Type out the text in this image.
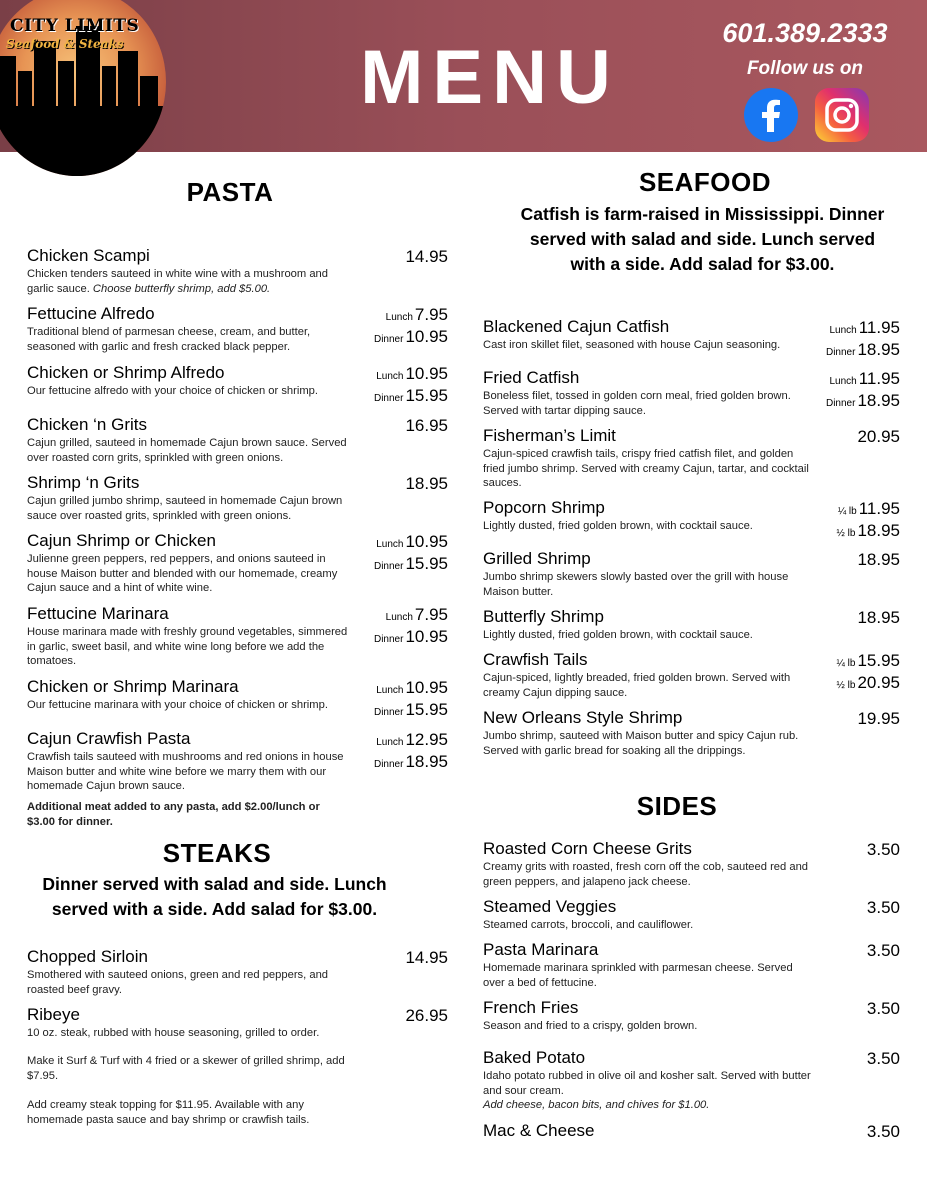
CITY LIMITS
Seafood & Steaks	MENU
601.389.2333
Follow us on
PASTA
Chicken Scampi
Chicken tenders sauteed in white wine with a mushroom and garlic sauce. Choose butterfly shrimp, add $5.00.
14.95
Fettucine Alfredo
Traditional blend of parmesan cheese, cream, and butter, seasoned with garlic and fresh cracked black pepper.
Lunch 7.95
Dinner 10.95
Chicken or Shrimp Alfredo
Our fettucine alfredo with your choice of chicken or shrimp.
Lunch 10.95
Dinner 15.95
Chicken ‘n Grits
Cajun grilled, sauteed in homemade Cajun brown sauce. Served over roasted corn grits, sprinkled with green onions.
16.95
Shrimp ‘n Grits
Cajun grilled jumbo shrimp, sauteed in homemade Cajun brown sauce over roasted grits, sprinkled with green onions.
18.95
Cajun Shrimp or Chicken
Julienne green peppers, red peppers, and onions sauteed in house Maison butter and blended with our homemade, creamy Cajun sauce and a hint of white wine.
Lunch 10.95
Dinner 15.95
Fettucine Marinara
House marinara made with freshly ground vegetables, simmered in garlic, sweet basil, and white wine long before we add the tomatoes.
Lunch 7.95
Dinner 10.95
Chicken or Shrimp Marinara
Our fettucine marinara with your choice of chicken or shrimp.
Lunch 10.95
Dinner 15.95
Cajun Crawfish Pasta
Crawfish tails sauteed with mushrooms and red onions in house Maison butter and white wine before we marry them with our homemade Cajun brown sauce.
Lunch 12.95
Dinner 18.95
Additional meat added to any pasta, add $2.00/lunch or $3.00 for dinner.
STEAKS
Dinner served with salad and side. Lunch served with a side. Add salad for $3.00.
Chopped Sirloin
Smothered with sauteed onions, green and red peppers, and roasted beef gravy.
14.95
Ribeye
10 oz. steak, rubbed with house seasoning, grilled to order.
26.95
Make it Surf & Turf with 4 fried or a skewer of grilled shrimp, add $7.95.
Add creamy steak topping for $11.95. Available with any homemade pasta sauce and bay shrimp or crawfish tails.
SEAFOOD
Catfish is farm-raised in Mississippi. Dinner served with salad and side. Lunch served with a side. Add salad for $3.00.
Blackened Cajun Catfish
Cast iron skillet filet, seasoned with house Cajun seasoning.
Lunch 11.95
Dinner 18.95
Fried Catfish
Boneless filet, tossed in golden corn meal, fried golden brown. Served with tartar dipping sauce.
Lunch 11.95
Dinner 18.95
Fisherman’s Limit
Cajun-spiced crawfish tails, crispy fried catfish filet, and golden fried jumbo shrimp. Served with creamy Cajun, tartar, and cocktail sauces.
20.95
Popcorn Shrimp
Lightly dusted, fried golden brown, with cocktail sauce.
¼ lb 11.95
½ lb 18.95
Grilled Shrimp
Jumbo shrimp skewers slowly basted over the grill with house Maison butter.
18.95
Butterfly Shrimp
Lightly dusted, fried golden brown, with cocktail sauce.
18.95
Crawfish Tails
Cajun-spiced, lightly breaded, fried golden brown. Served with creamy Cajun dipping sauce.
¼ lb 15.95
½ lb 20.95
New Orleans Style Shrimp
Jumbo shrimp, sauteed with Maison butter and spicy Cajun rub. Served with garlic bread for soaking all the drippings.
19.95
SIDES
Roasted Corn Cheese Grits
Creamy grits with roasted, fresh corn off the cob, sauteed red and green peppers, and jalapeno jack cheese.
3.50
Steamed Veggies
Steamed carrots, broccoli, and cauliflower.
3.50
Pasta Marinara
Homemade marinara sprinkled with parmesan cheese. Served over a bed of fettucine.
3.50
French Fries
Season and fried to a crispy, golden brown.
3.50
Baked Potato
Idaho potato rubbed in olive oil and kosher salt. Served with butter and sour cream.
Add cheese, bacon bits, and chives for $1.00.
3.50
Mac & Cheese	3.50
